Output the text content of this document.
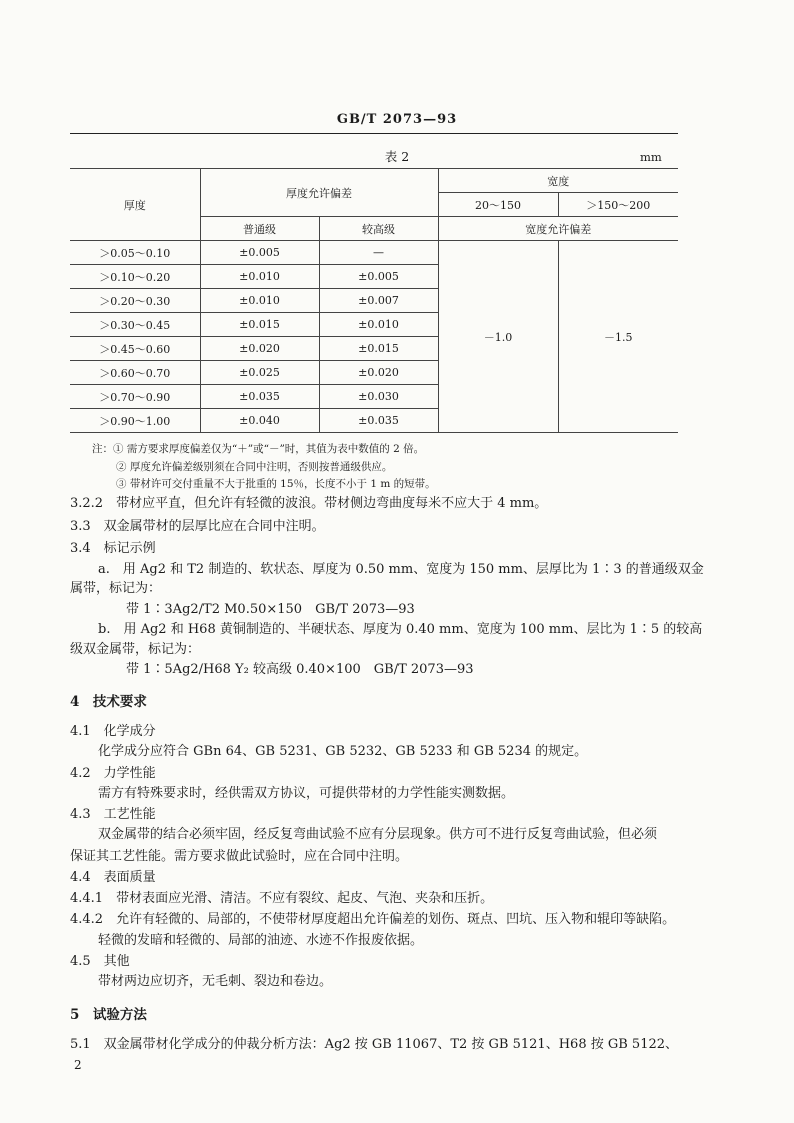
GB/T 2073—93
表 2	mm
厚度	厚度允许偏差		宽度	
			20～150	＞150～200
	普通级	较高级	宽度允许偏差	
＞0.05～0.10	±0.005	—	－1.0	－1.5
＞0.10～0.20	±0.010	±0.005		
＞0.20～0.30	±0.010	±0.007		
＞0.30～0.45	±0.015	±0.010		
＞0.45～0.60	±0.020	±0.015		
＞0.60～0.70	±0.025	±0.020		
＞0.70～0.90	±0.035	±0.030		
＞0.90～1.00	±0.040	±0.035		
注：① 需方要求厚度偏差仅为“＋”或“－”时，其值为表中数值的 2 倍。
② 厚度允许偏差级别须在合同中注明，否则按普通级供应。
③ 带材许可交付重量不大于批重的 15％，长度不小于 1 m 的短带。
3.2.2　带材应平直，但允许有轻微的波浪。带材侧边弯曲度每米不应大于 4 mm。
3.3　双金属带材的层厚比应在合同中注明。
3.4　标记示例
a.　用 Ag2 和 T2 制造的、软状态、厚度为 0.50 mm、宽度为 150 mm、层厚比为 1∶3 的普通级双金
属带，标记为：
带 1∶3Ag2/T2 M0.50×150　GB/T 2073—93
b.　用 Ag2 和 H68 黄铜制造的、半硬状态、厚度为 0.40 mm、宽度为 100 mm、层比为 1∶5 的较高
级双金属带，标记为：
带 1∶5Ag2/H68 Y₂ 较高级 0.40×100　GB/T 2073—93
4　技术要求
4.1　化学成分
化学成分应符合 GBn 64、GB 5231、GB 5232、GB 5233 和 GB 5234 的规定。
4.2　力学性能
需方有特殊要求时，经供需双方协议，可提供带材的力学性能实测数据。
4.3　工艺性能
双金属带的结合必须牢固，经反复弯曲试验不应有分层现象。供方可不进行反复弯曲试验，但必须
保证其工艺性能。需方要求做此试验时，应在合同中注明。
4.4　表面质量
4.4.1　带材表面应光滑、清洁。不应有裂纹、起皮、气泡、夹杂和压折。
4.4.2　允许有轻微的、局部的，不使带材厚度超出允许偏差的划伤、斑点、凹坑、压入物和辊印等缺陷。
轻微的发暗和轻微的、局部的油迹、水迹不作报废依据。
4.5　其他
带材两边应切齐，无毛刺、裂边和卷边。
5　试验方法
5.1　双金属带材化学成分的仲裁分析方法：Ag2 按 GB 11067、T2 按 GB 5121、H68 按 GB 5122、
2
